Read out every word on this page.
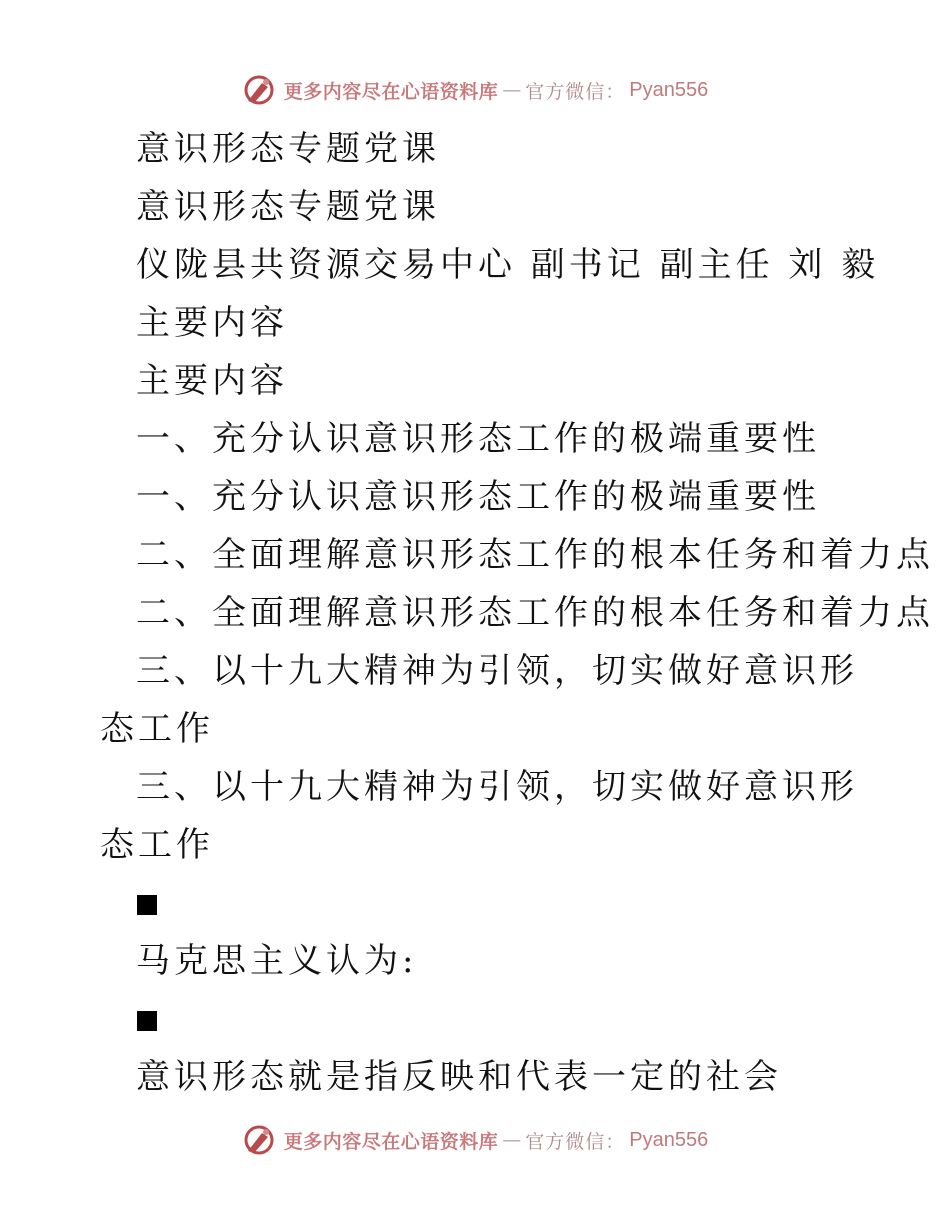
更多内容尽在心语资料库 — 官方微信： Pyan556
意识形态专题党课
意识形态专题党课
仪陇县共资源交易中心 副书记 副主任 刘 毅
主要内容
主要内容
一、充分认识意识形态工作的极端重要性
一、充分认识意识形态工作的极端重要性
二、全面理解意识形态工作的根本任务和着力点
二、全面理解意识形态工作的根本任务和着力点
三、以十九大精神为引领，切实做好意识形态工作
三、以十九大精神为引领，切实做好意识形态工作
马克思主义认为:
意识形态就是指反映和代表一定的社会
更多内容尽在心语资料库 — 官方微信： Pyan556
